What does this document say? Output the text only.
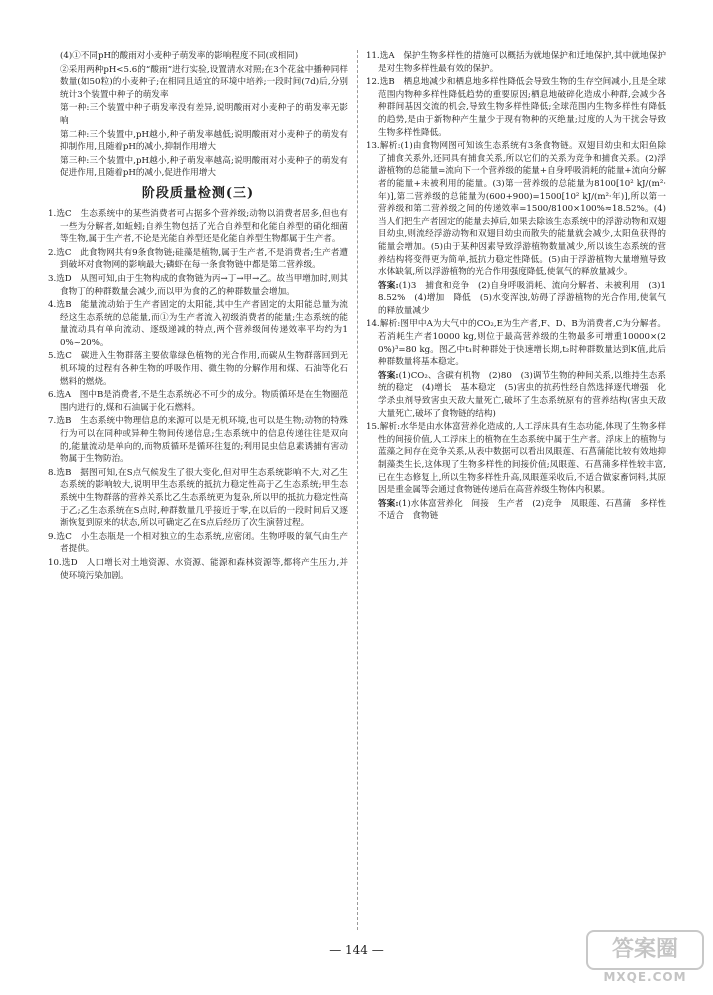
(4)①不同pH的酸雨对小麦种子萌发率的影响程度不同(或相同)

②采用两种pH<5.6的“酸雨”进行实验,设置清水对照;在3个花盆中播种同样数量(如50粒)的小麦种子;在相同且适宜的环境中培养;一段时间(7d)后,分别统计3个装置中种子的萌发率

第一种:三个装置中种子萌发率没有差异,说明酸雨对小麦种子的萌发率无影响

第二种:三个装置中,pH越小,种子萌发率越低;说明酸雨对小麦种子的萌发有抑制作用,且随着pH的减小,抑制作用增大

第三种:三个装置中,pH越小,种子萌发率越高;说明酸雨对小麦种子的萌发有促进作用,且随着pH的减小,促进作用增大

阶段质量检测(三)

1.选C　生态系统中的某些消费者可占据多个营养级;动物以消费者居多,但也有一些为分解者,如蚯蚓;自养生物包括了光合自养型和化能自养型的硝化细菌等生物,属于生产者,不论是光能自养型还是化能自养型生物都属于生产者。

2.选C　此食物网共有9条食物链;硅藻是植物,属于生产者,不是消费者;生产者遭到破坏对食物网的影响最大;磷虾在每一条食物链中都是第二营养级。

3.选D　从图可知,由于生物构成的食物链为丙→丁→甲→乙。故当甲增加时,则其食物丁的种群数量会减少,而以甲为食的乙的种群数量会增加。

4.选B　能量流动始于生产者固定的太阳能,其中生产者固定的太阳能总量为流经这生态系统的总能量,而①为生产者流入初级消费者的能量;生态系统的能量流动具有单向流动、逐级递减的特点,两个营养级间传递效率平均约为10%~20%。

5.选C　碳进入生物群落主要依靠绿色植物的光合作用,而碳从生物群落回到无机环境的过程有各种生物的呼吸作用、微生物的分解作用和煤、石油等化石燃料的燃烧。

6.选A　图中B是消费者,不是生态系统必不可少的成分。物质循环是在生物圈范围内进行的,煤和石油属于化石燃料。

7.选B　生态系统中物理信息的来源可以是无机环境,也可以是生物;动物的特殊行为可以在同种或异种生物间传递信息;生态系统中的信息传递往往是双向的,能量流动是单向的,而物质循环是循环往复的;利用昆虫信息素诱捕有害动物属于生物防治。

8.选B　据图可知,在S点气候发生了很大变化,但对甲生态系统影响不大,对乙生态系统的影响较大,说明甲生态系统的抵抗力稳定性高于乙生态系统;甲生态系统中生物群落的营养关系比乙生态系统更为复杂,所以甲的抵抗力稳定性高于乙;乙生态系统在S点时,种群数量几乎接近于零,在以后的一段时间后又逐渐恢复到原来的状态,所以可确定乙在S点后经历了次生演替过程。

9.选C　小生态瓶是一个相对独立的生态系统,应密闭。生物呼吸的氧气由生产者提供。

10.选D　人口增长对土地资源、水资源、能源和森林资源等,都将产生压力,并使环境污染加剧。

11.选A　保护生物多样性的措施可以概括为就地保护和迁地保护,其中就地保护是对生物多样性最有效的保护。

12.选B　栖息地减少和栖息地多样性降低会导致生物的生存空间减小,且是全球范围内物种多样性降低趋势的重要原因;栖息地破碎化造成小种群,会减少各种群间基因交流的机会,导致生物多样性降低;全球范围内生物多样性有降低的趋势,是由于新物种产生量少于现有物种的灭绝量;过度的人为干扰会导致生物多样性降低。

13.解析:(1)由食物网图可知该生态系统有3条食物链。双翅目幼虫和太阳鱼除了捕食关系外,还同具有捕食关系,所以它们的关系为竞争和捕食关系。(2)浮游植物的总能量=流向下一个营养级的能量+自身呼吸消耗的能量+流向分解者的能量+未被利用的能量。(3)第一营养级的总能量为8100[10² kJ/(m²·年)],第二营养级的总能量为(600+900)=1500[10² kJ/(m²·年)],所以第一营养级和第二营养级之间的传递效率=1500/8100×100%≈18.52%。(4)当人们把生产者固定的能量去掉后,如果去除该生态系统中的浮游动物和双翅目幼虫,则流经浮游动物和双翅目幼虫而散失的能量就会减少,太阳鱼获得的能量会增加。(5)由于某种因素导致浮游植物数量减少,所以该生态系统的营养结构将变得更为简单,抵抗力稳定性降低。(5)由于浮游植物大量增殖导致水体缺氧,所以浮游植物的光合作用强度降低,使氧气的释放量减少。

答案:(1)3　捕食和竞争　(2)自身呼吸消耗、流向分解者、未被利用　(3)18.52%　(4)增加　降低　(5)水变浑浊,妨碍了浮游植物的光合作用,使氧气的释放量减少

14.解析:图甲中A为大气中的CO₂,E为生产者,F、D、B为消费者,C为分解者。若消耗生产者10000 kg,则位于最高营养级的生物最多可增重10000×(20%)³=80 kg。图乙中t₁时种群处于快速增长期,t₂时种群数量达到K值,此后种群数量将基本稳定。

答案:(1)CO₂、含碳有机物　(2)80　(3)调节生物的种间关系,以维持生态系统的稳定　(4)增长　基本稳定　(5)害虫的抗药性经自然选择逐代增强　化学杀虫剂导致害虫天敌大量死亡,破坏了生态系统原有的营养结构(害虫天敌大量死亡,破坏了食物链的结构)

15.解析:水华是由水体富营养化造成的,人工浮床具有生态功能,体现了生物多样性的间接价值,人工浮床上的植物在生态系统中属于生产者。浮床上的植物与蓝藻之间存在竞争关系,从表中数据可以看出凤眼莲、石菖蒲能比较有效地抑制藻类生长,这体现了生物多样性的间接价值;凤眼莲、石菖蒲多样性较丰富,已在生态修复上,所以生物多样性升高,凤眼莲采收后,不适合做家畜饲料,其原因是重金属等会通过食物链传递后在高营养级生物体内积累。

答案:(1)水体富营养化　间接　生产者　(2)竞争　凤眼莲、石菖蒲　多样性　不适合　食物链

— 144 —	答案圈
MXQE.COM
